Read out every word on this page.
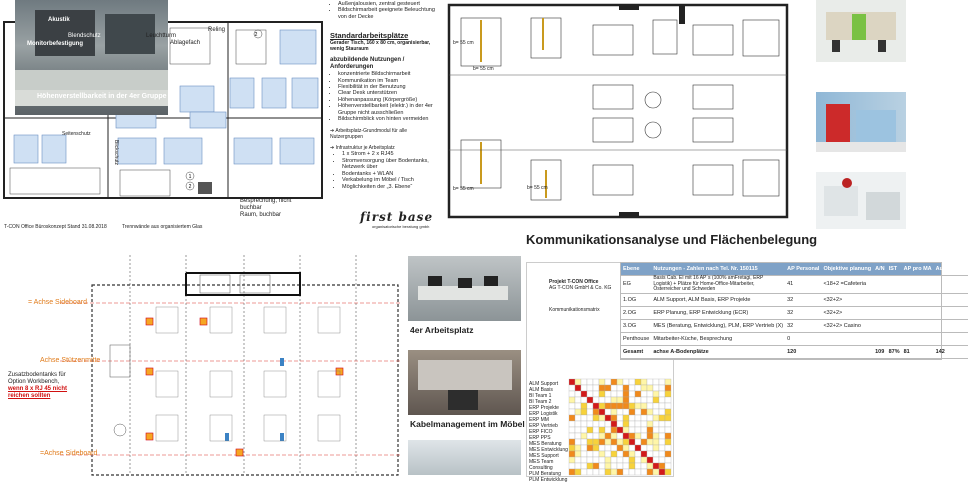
2
1
2
Akustik
Monitorbefestigung
Höhenverstellbarkeit in der 4er Gruppe
Leuchtturm
Ablagefach
Reling
Blendschutz
Seitenschutz
Blickschutz
Besprechung, nicht buchbar
Raum, buchbar
T-CON Office Büroskonzept Stand 31.08.2018	Trennwände aus organisiertem Glas
first base
organisatorische beratung gmbh
• Außenjalousien, zentral gesteuert
• Bildschirmarbeit geeignete Beleuchtung von der Decke
Standardarbeitsplätze
Gerader Tisch, 160 x 80 cm, organisierbar, wenig Stauraum
abzubildende Nutzungen / Anforderungen
• konzentrierte Bildschirmarbeit
• Kommunikation im Team
• Flexibilität in der Benutzung
• Clear Desk unterstützen
• Höhenanpassung (Körpergröße)
• Höhenverstellbarkeit (elektr.) in der 4er Gruppe nicht ausschließen
• Bildschirmblick von hinten vermeiden
➔ Arbeitsplatz-Grundmodul für alle Nutzergruppen
➔ Infrastruktur je Arbeitsplatz
• 1 x Strom + 2 x RJ45
• Stromversorgung über Bodentanks, Netzwerk über
• Bodentanks + WLAN
• Verkabelung im Möbel / Tisch
• Möglichkeiten der „3. Ebene“
b= 55 cm
b= 55 cm
b= 55 cm	b= 55 cm
Kommunikationsanalyse und Flächenbelegung
= Achse Sideboard
Achse Stützenmitte
Zusatzbodentanks für Option Workbench,
wenn 8 x RJ 45 nicht reichen sollten
=Achse Sideboard
4er Arbeitsplatz
Kabelmanagement im Möbel
Projekt T-CON Office
AG T-CON GmbH & Co. KG
Kommunikationsmatrix
ALM Support
ALM Basis
BI Team 1
BI Team 2
ERP Projekte
ERP Logistik
ERP MM
ERP Vertrieb
ERP FICO
ERP PPS
MES Beratung
MES Entwicklung
MES Support
MES Team Consulting
PLM Beratung
PLM Entwicklung
Ebene	Nutzungen - Zahlen nach Tel. Nr. 150115	AP Personal	Objektive planung	A/N	IST	AP pro MA	Auslastung
EG	Basis Cab. EI mit 16 AP´s (100% amFretagi, ERP Logistik) + Plätze für Home-Office-Mitarbeiter, Österreicher und Schweden	41	<18+2 =Cafeteria				
1.OG	ALM Support, ALM Basis, ERP Projekte	32	<32+2>				
2.OG	ERP Planung, ERP Entwicklung (ECR)	32	<32+2>				
3.OG	MES (Beratung, Entwicklung), PLM, ERP Vertrieb (X)	32	<32+2> Casino				
Penthouse	Mitarbeiter-Küche, Besprechung	0					
Gesamt	achse A-Bodenplätze	120		109	87%	81	142
